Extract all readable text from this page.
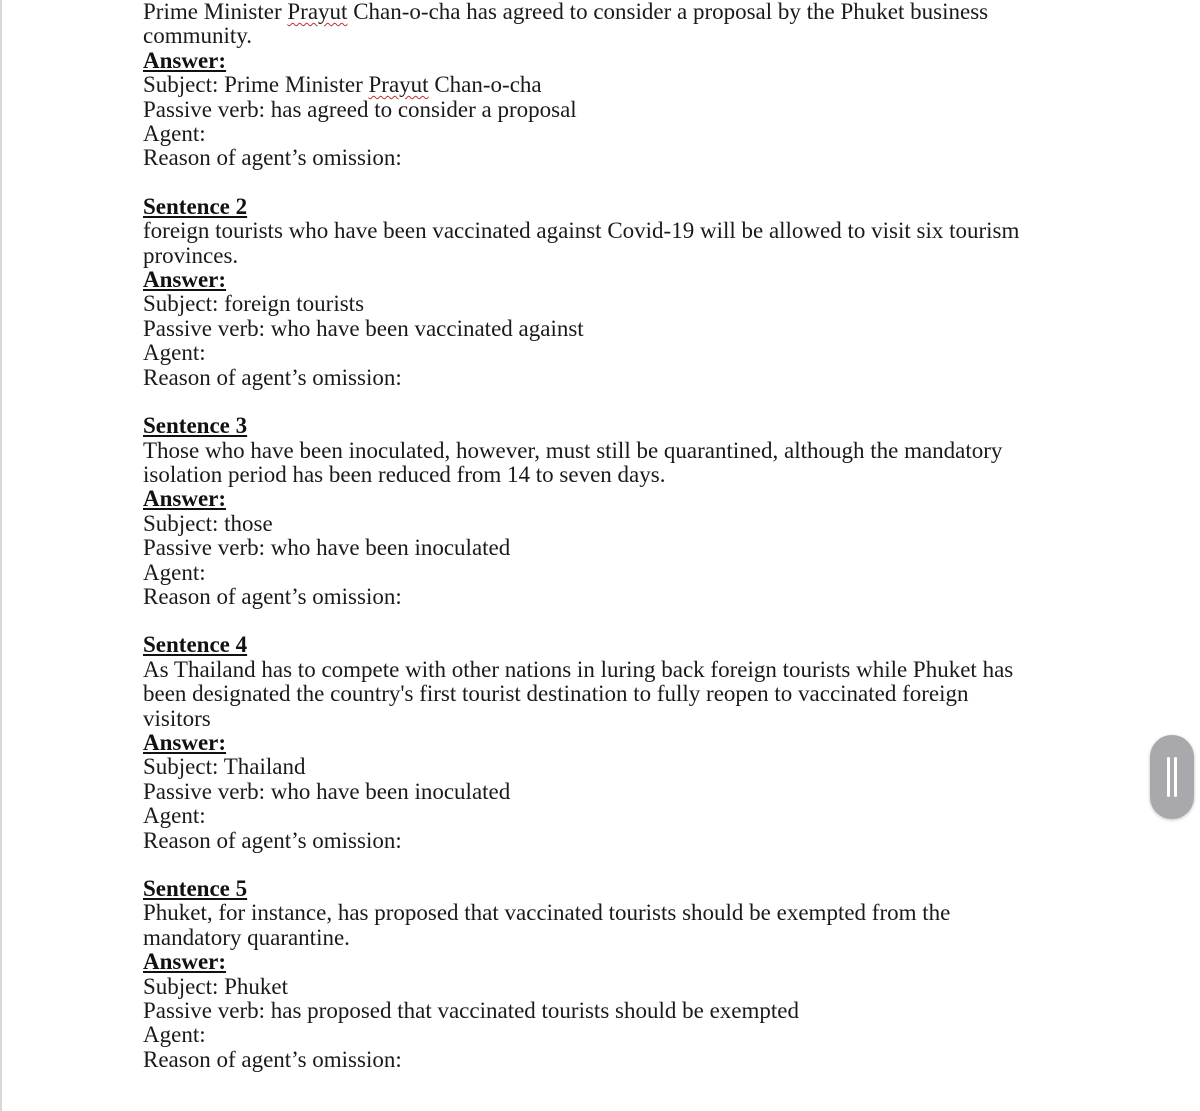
Prime Minister Prayut Chan-o-cha has agreed to consider a proposal by the Phuket business
community.
Answer:
Subject: Prime Minister Prayut Chan-o-cha
Passive verb: has agreed to consider a proposal
Agent:
Reason of agent’s omission:
Sentence 2
foreign tourists who have been vaccinated against Covid-19 will be allowed to visit six tourism
provinces.
Answer:
Subject: foreign tourists
Passive verb: who have been vaccinated against
Agent:
Reason of agent’s omission:
Sentence 3
Those who have been inoculated, however, must still be quarantined, although the mandatory
isolation period has been reduced from 14 to seven days.
Answer:
Subject: those
Passive verb: who have been inoculated
Agent:
Reason of agent’s omission:
Sentence 4
As Thailand has to compete with other nations in luring back foreign tourists while Phuket has
been designated the country's first tourist destination to fully reopen to vaccinated foreign
visitors
Answer:
Subject: Thailand
Passive verb: who have been inoculated
Agent:
Reason of agent’s omission:
Sentence 5
Phuket, for instance, has proposed that vaccinated tourists should be exempted from the
mandatory quarantine.
Answer:
Subject: Phuket
Passive verb: has proposed that vaccinated tourists should be exempted
Agent:
Reason of agent’s omission:
